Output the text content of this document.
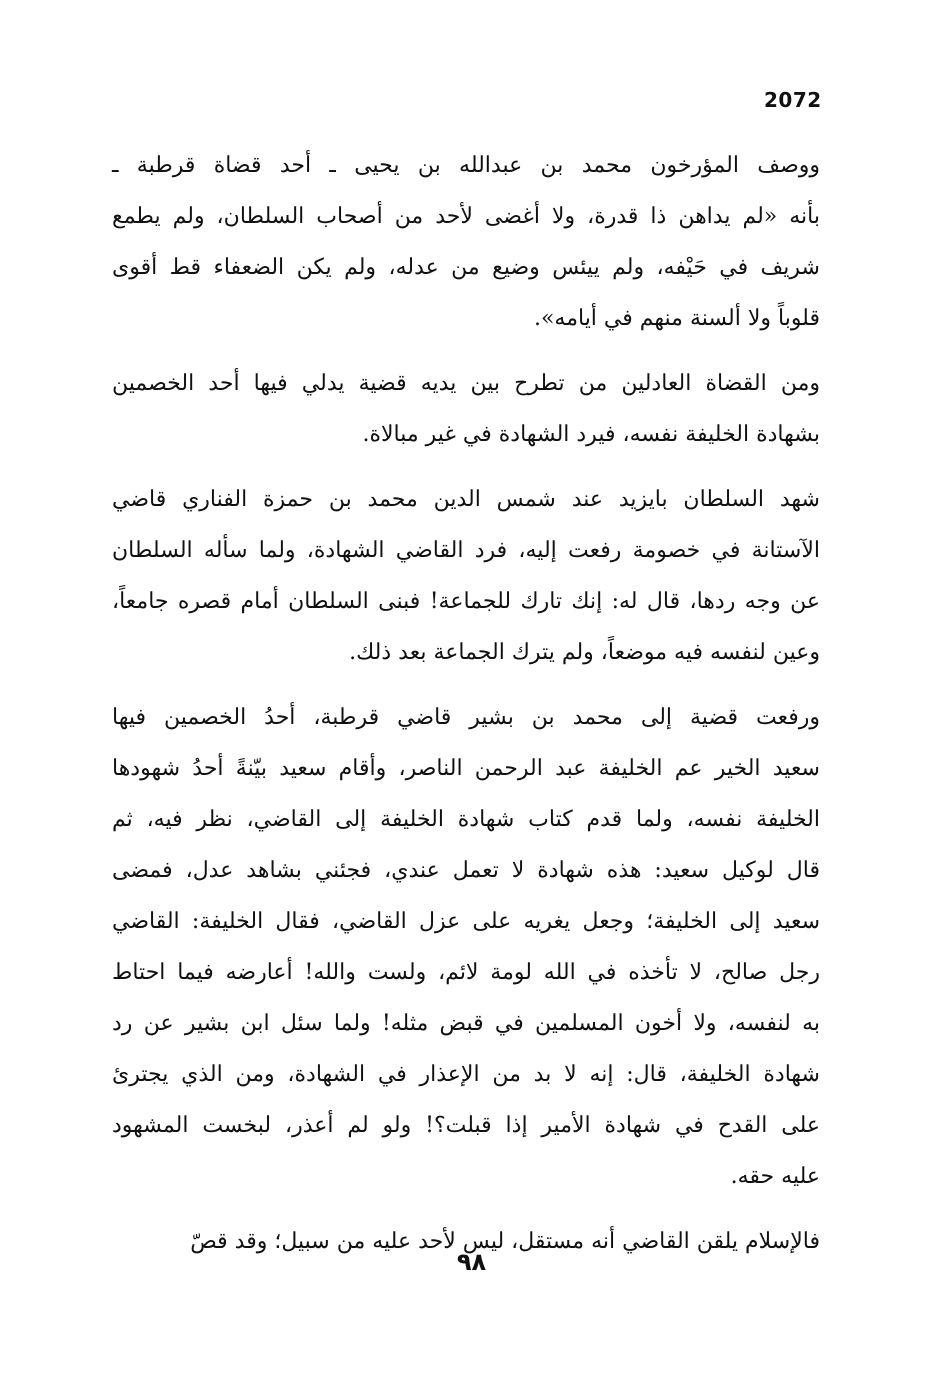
2072
ووصف المؤرخون محمد بن عبدالله بن يحيى ـ أحد قضاة قرطبة ـ
بأنه «لم يداهن ذا قدرة، ولا أغضى لأحد من أصحاب السلطان، ولم يطمع
شريف في حَيْفه، ولم ييئس وضيع من عدله، ولم يكن الضعفاء قط أقوى
قلوباً ولا ألسنة منهم في أيامه».
ومن القضاة العادلين من تطرح بين يديه قضية يدلي فيها أحد الخصمين
بشهادة الخليفة نفسه، فيرد الشهادة في غير مبالاة.
شهد السلطان بايزيد عند شمس الدين محمد بن حمزة الفناري قاضي
الآستانة في خصومة رفعت إليه، فرد القاضي الشهادة، ولما سأله السلطان
عن وجه ردها، قال له: إنك تارك للجماعة! فبنى السلطان أمام قصره جامعاً،
وعين لنفسه فيه موضعاً، ولم يترك الجماعة بعد ذلك.
ورفعت قضية إلى محمد بن بشير قاضي قرطبة، أحدُ الخصمين فيها
سعيد الخير عم الخليفة عبد الرحمن الناصر، وأقام سعيد بيّنةً أحدُ شهودها
الخليفة نفسه، ولما قدم كتاب شهادة الخليفة إلى القاضي، نظر فيه، ثم
قال لوكيل سعيد: هذه شهادة لا تعمل عندي، فجئني بشاهد عدل، فمضى
سعيد إلى الخليفة؛ وجعل يغريه على عزل القاضي، فقال الخليفة: القاضي
رجل صالح، لا تأخذه في الله لومة لائم، ولست والله! أعارضه فيما احتاط
به لنفسه، ولا أخون المسلمين في قبض مثله! ولما سئل ابن بشير عن رد
شهادة الخليفة، قال: إنه لا بد من الإعذار في الشهادة، ومن الذي يجترئ
على القدح في شهادة الأمير إذا قبلت؟! ولو لم أعذر، لبخست المشهود
عليه حقه.
فالإسلام يلقن القاضي أنه مستقل، ليس لأحد عليه من سبيل؛ وقد قصّ
٩٨
